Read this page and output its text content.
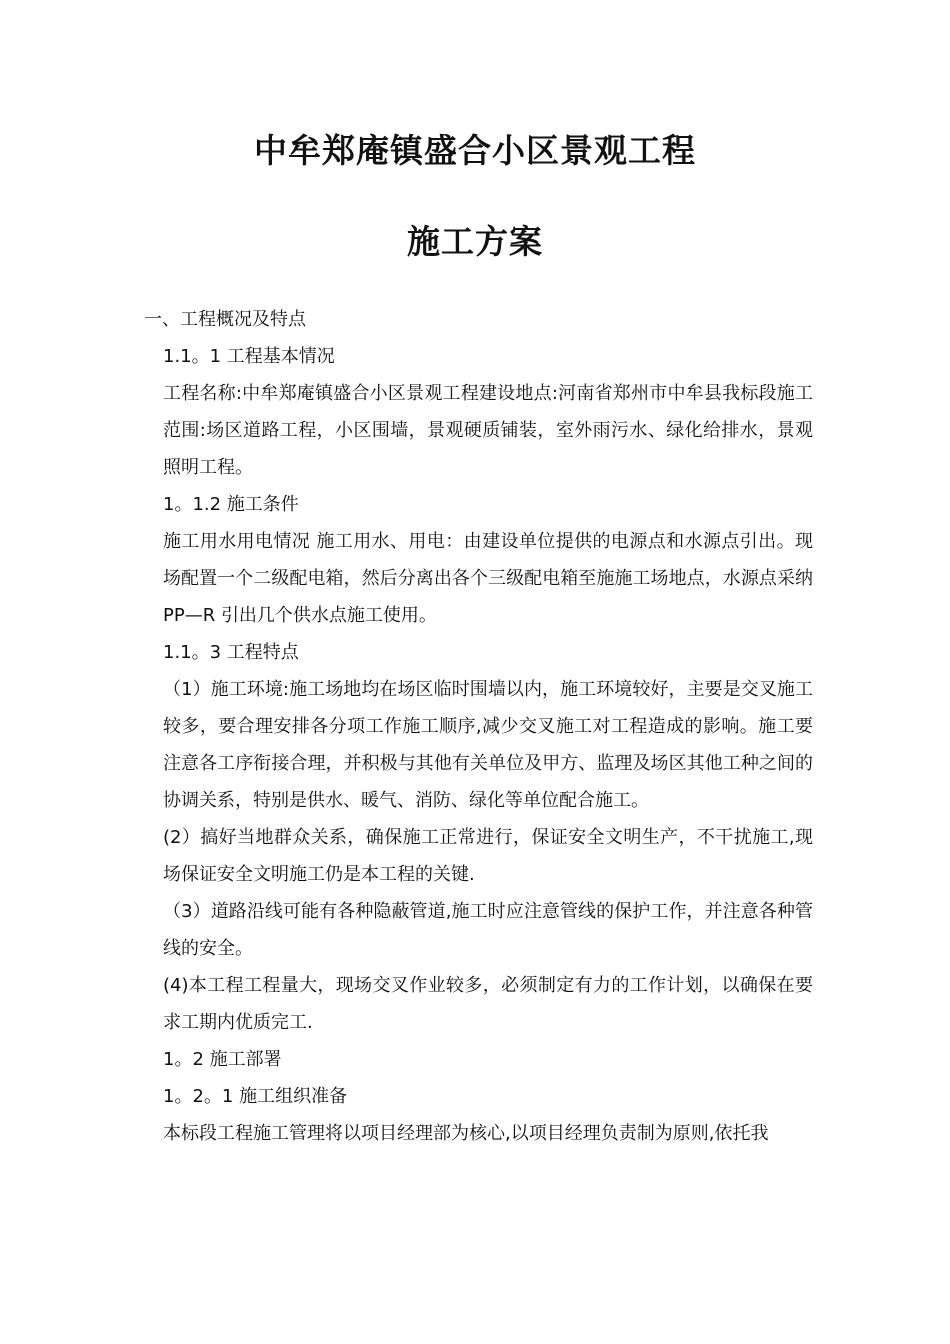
中牟郑庵镇盛合小区景观工程
施工方案

一、工程概况及特点

1.1。1 工程基本情况

工程名称:中牟郑庵镇盛合小区景观工程建设地点:河南省郑州市中牟县我标段施工范围:场区道路工程，小区围墙，景观硬质铺装，室外雨污水、绿化给排水，景观照明工程。

1。1.2 施工条件

施工用水用电情况 施工用水、用电：由建设单位提供的电源点和水源点引出。现场配置一个二级配电箱，然后分离出各个三级配电箱至施施工场地点，水源点采纳 PP—R 引出几个供水点施工使用。

1.1。3 工程特点

（1）施工环境:施工场地均在场区临时围墙以内，施工环境较好，主要是交叉施工较多，要合理安排各分项工作施工顺序,减少交叉施工对工程造成的影响。施工要注意各工序衔接合理，并积极与其他有关单位及甲方、监理及场区其他工种之间的协调关系，特别是供水、暖气、消防、绿化等单位配合施工。

(2）搞好当地群众关系，确保施工正常进行，保证安全文明生产，不干扰施工,现场保证安全文明施工仍是本工程的关键.

（3）道路沿线可能有各种隐蔽管道,施工时应注意管线的保护工作，并注意各种管线的安全。

(4)本工程工程量大，现场交叉作业较多，必须制定有力的工作计划，以确保在要求工期内优质完工.

1。2 施工部署

1。2。1 施工组织准备

本标段工程施工管理将以项目经理部为核心,以项目经理负责制为原则,依托我
